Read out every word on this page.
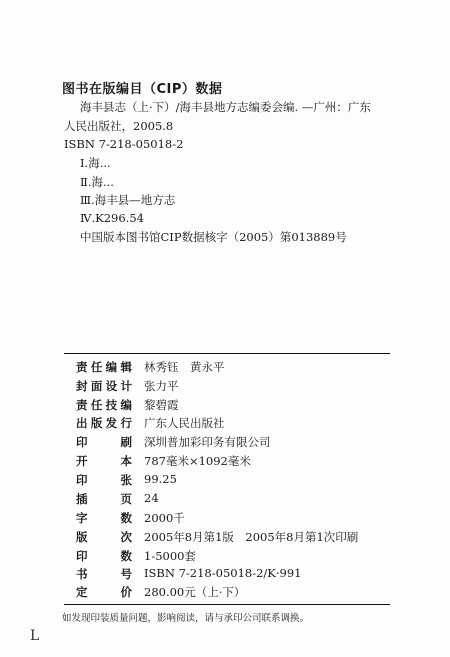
图书在版编目（CIP）数据
海丰县志（上·下）/海丰县地方志编委会编. —广州：广东
人民出版社，2005.8
ISBN 7-218-05018-2
Ⅰ.海...
Ⅱ.海...
Ⅲ.海丰县—地方志
Ⅳ.K296.54
中国版本图书馆CIP数据核字（2005）第013889号
责 任 编 辑 林秀钰　黄永平
封 面 设 计 张力平
责 任 技 编 黎碧霞
出 版 发 行 广东人民出版社
印	刷 深圳普加彩印务有限公司
开	本 787毫米×1092毫米
印	张 99.25
插	页 24
字	数 2000千
版	次 2005年8月第1版　2005年8月第1次印刷
印	数 1-5000套
书	号 ISBN 7-218-05018-2/K·991
定	价 280.00元（上·下）
如发现印装质量问题，影响阅读，请与承印公司联系调换。
L
